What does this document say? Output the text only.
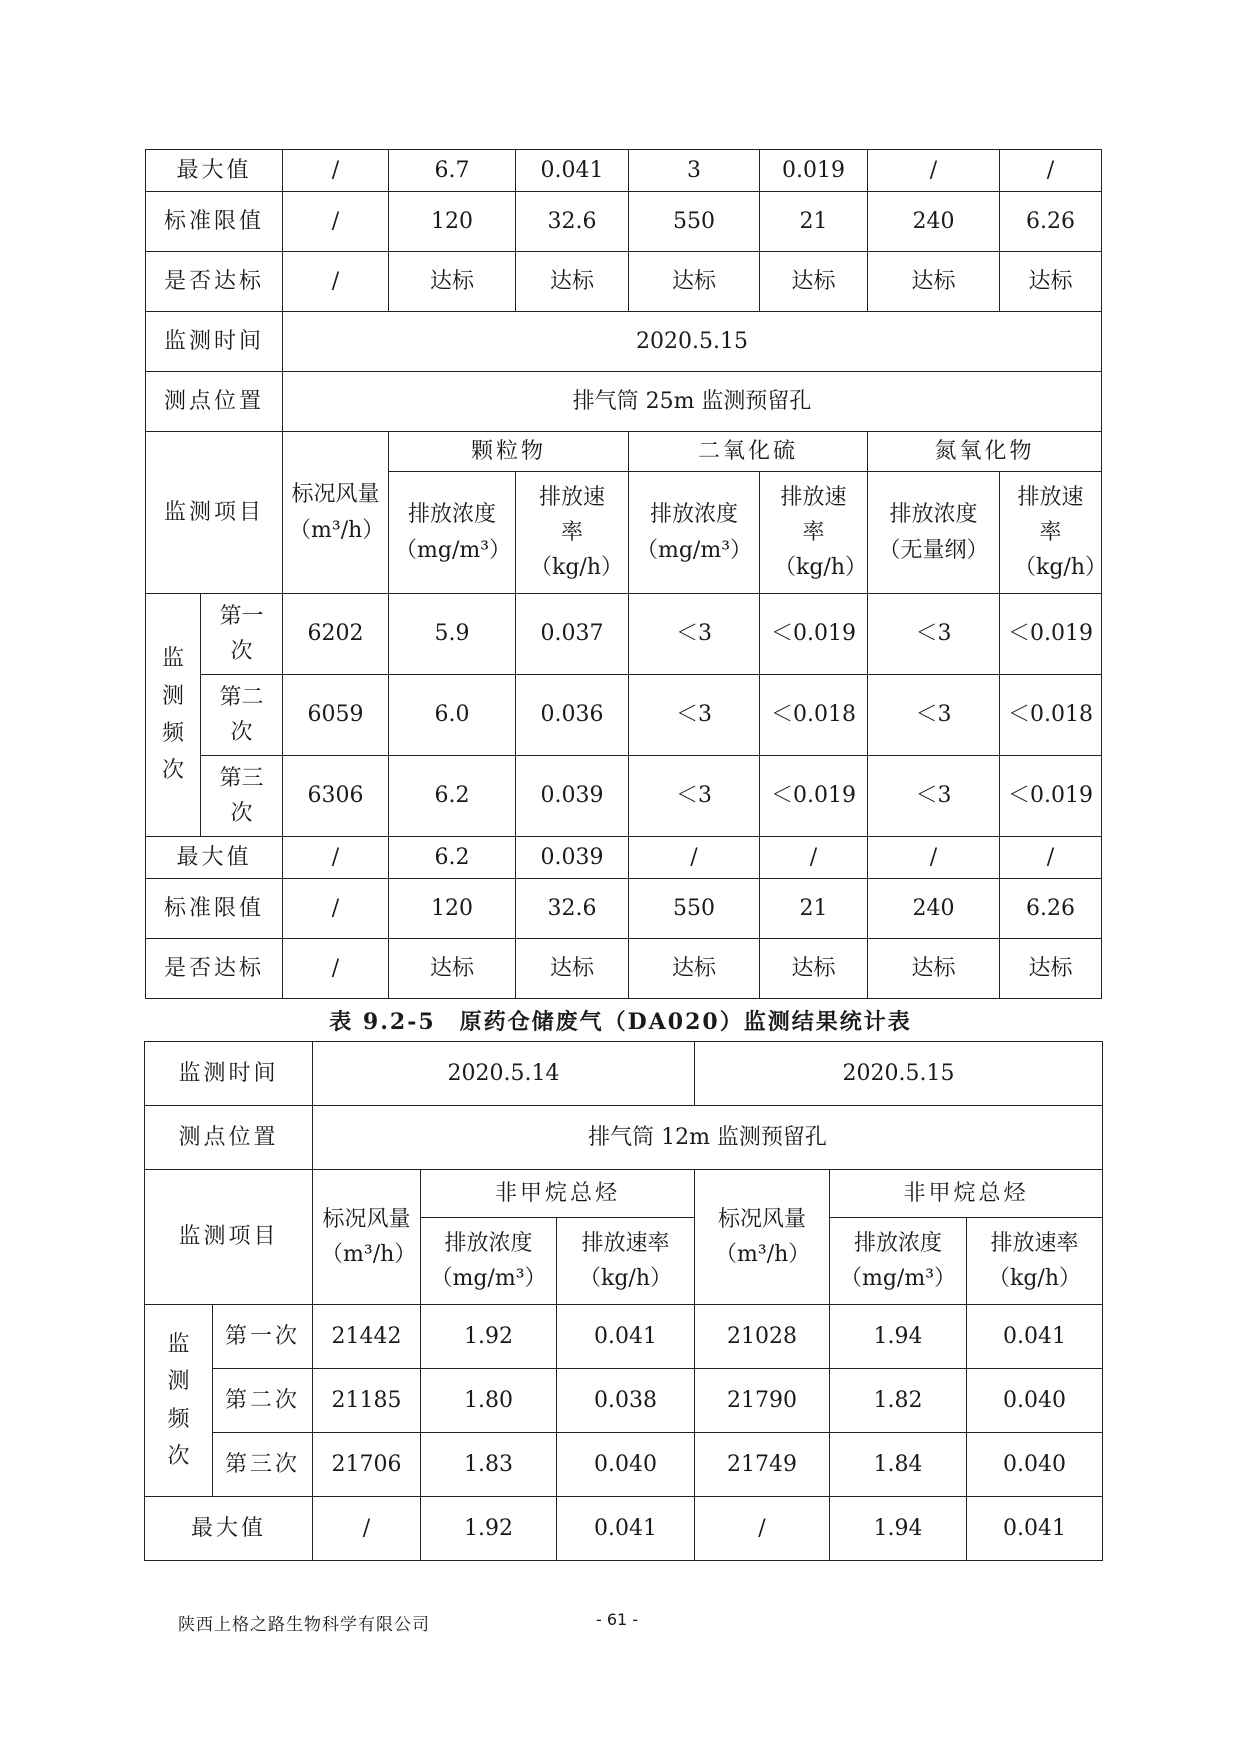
最大值		/	6.7	0.041	3	0.019	/	/
标准限值		/	120	32.6	550	21	240	6.26
是否达标		/	达标	达标	达标	达标	达标	达标
监测时间		2020.5.15						
测点位置		排气筒 25m 监测预留孔						
监测项目		标况风量（m³/h）	颗粒物		二氧化硫		氮氧化物	
			排放浓度（mg/m³）	排放速率（kg/h）	排放浓度（mg/m³）	排放速率（kg/h）	排放浓度（无量纲）	排放速率（kg/h）
监测频次	第一次	6202	5.9	0.037	＜3	＜0.019	＜3	＜0.019
	第二次	6059	6.0	0.036	＜3	＜0.018	＜3	＜0.018
	第三次	6306	6.2	0.039	＜3	＜0.019	＜3	＜0.019
最大值		/	6.2	0.039	/	/	/	/
标准限值		/	120	32.6	550	21	240	6.26
是否达标		/	达标	达标	达标	达标	达标	达标
表 9.2-5　原药仓储废气（DA020）监测结果统计表
监测时间		2020.5.14			2020.5.15		
测点位置		排气筒 12m 监测预留孔					
监测项目		标况风量（m³/h）	非甲烷总烃		标况风量（m³/h）	非甲烷总烃	
			排放浓度（mg/m³）	排放速率（kg/h）		排放浓度（mg/m³）	排放速率（kg/h）
监测频次	第一次	21442	1.92	0.041	21028	1.94	0.041
	第二次	21185	1.80	0.038	21790	1.82	0.040
	第三次	21706	1.83	0.040	21749	1.84	0.040
最大值		/	1.92	0.041	/	1.94	0.041
陕西上格之路生物科学有限公司	- 61 -
